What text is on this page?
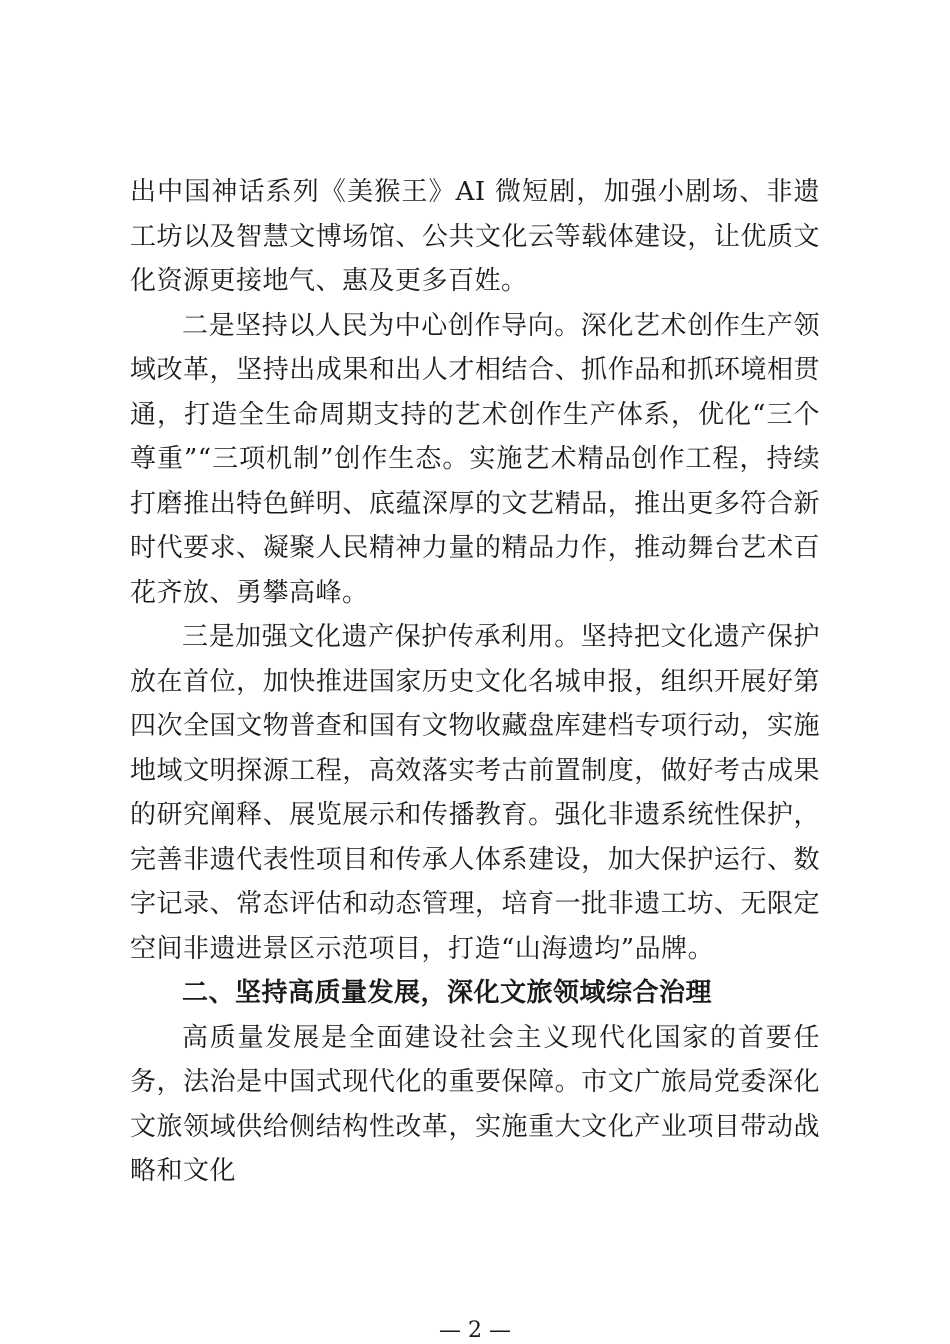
出中国神话系列《美猴王》AI 微短剧，加强小剧场、非遗工坊以及智慧文博场馆、公共文化云等载体建设，让优质文化资源更接地气、惠及更多百姓。

二是坚持以人民为中心创作导向。深化艺术创作生产领域改革，坚持出成果和出人才相结合、抓作品和抓环境相贯通，打造全生命周期支持的艺术创作生产体系，优化“三个尊重”“三项机制”创作生态。实施艺术精品创作工程，持续打磨推出特色鲜明、底蕴深厚的文艺精品，推出更多符合新时代要求、凝聚人民精神力量的精品力作，推动舞台艺术百花齐放、勇攀高峰。

三是加强文化遗产保护传承利用。坚持把文化遗产保护放在首位，加快推进国家历史文化名城申报，组织开展好第四次全国文物普查和国有文物收藏盘库建档专项行动，实施地域文明探源工程，高效落实考古前置制度，做好考古成果的研究阐释、展览展示和传播教育。强化非遗系统性保护，完善非遗代表性项目和传承人体系建设，加大保护运行、数字记录、常态评估和动态管理，培育一批非遗工坊、无限定空间非遗进景区示范项目，打造“山海遗均”品牌。

二、坚持高质量发展，深化文旅领域综合治理

高质量发展是全面建设社会主义现代化国家的首要任务，法治是中国式现代化的重要保障。市文广旅局党委深化文旅领域供给侧结构性改革，实施重大文化产业项目带动战略和文化

— 2 —
